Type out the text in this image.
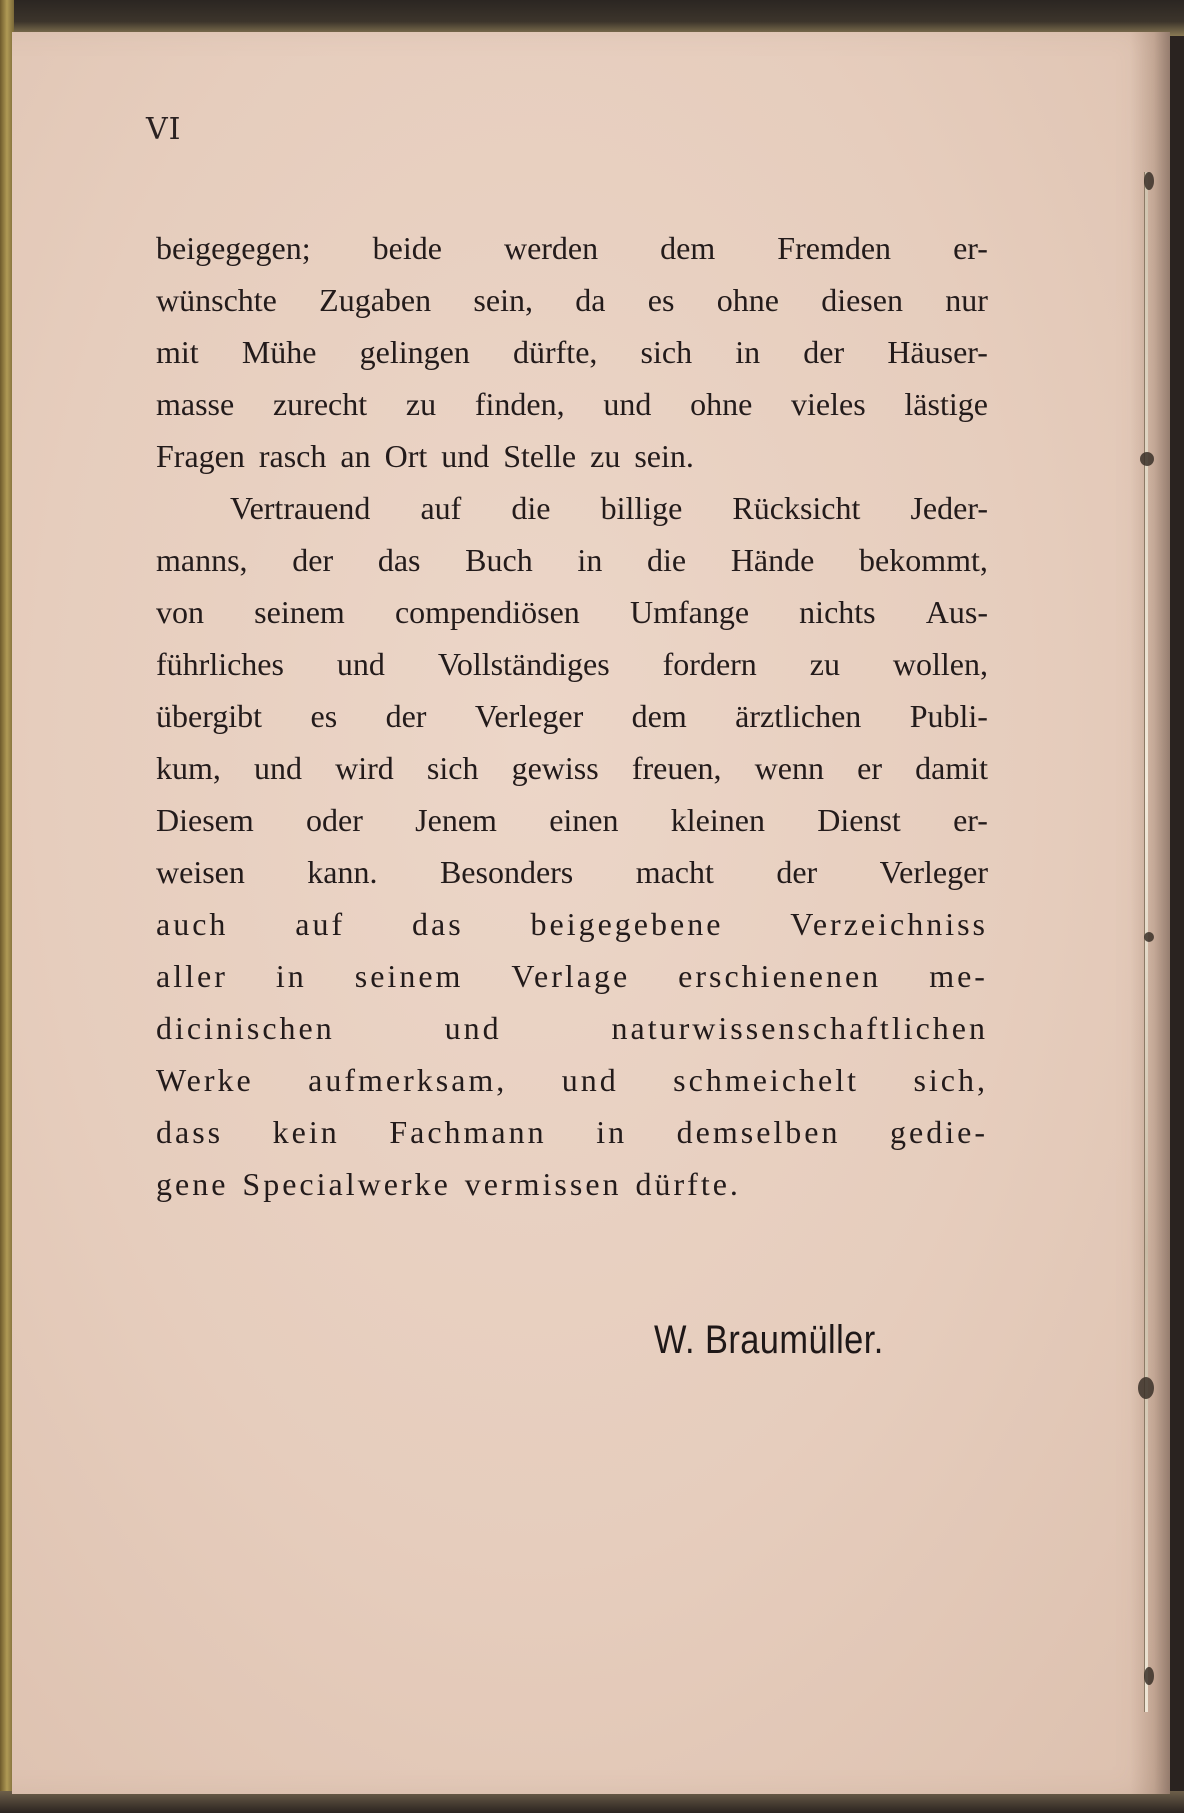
VI
beigegegen; beide werden dem Fremden er-
wünschte Zugaben sein, da es ohne diesen nur
mit Mühe gelingen dürfte, sich in der Häuser-
masse zurecht zu finden, und ohne vieles lästige
Fragen rasch an Ort und Stelle zu sein.
Vertrauend auf die billige Rücksicht Jeder-
manns, der das Buch in die Hände bekommt,
von seinem compendiösen Umfange nichts Aus-
führliches und Vollständiges fordern zu wollen,
übergibt es der Verleger dem ärztlichen Publi-
kum, und wird sich gewiss freuen, wenn er damit
Diesem oder Jenem einen kleinen Dienst er-
weisen kann. Besonders macht der Verleger
auch auf das beigegebene Verzeichniss
aller in seinem Verlage erschienenen me-
dicinischen	und	naturwissenschaftlichen
Werke aufmerksam, und schmeichelt sich,
dass kein Fachmann in demselben gedie-
gene Specialwerke vermissen dürfte.
W. Braumüller.
